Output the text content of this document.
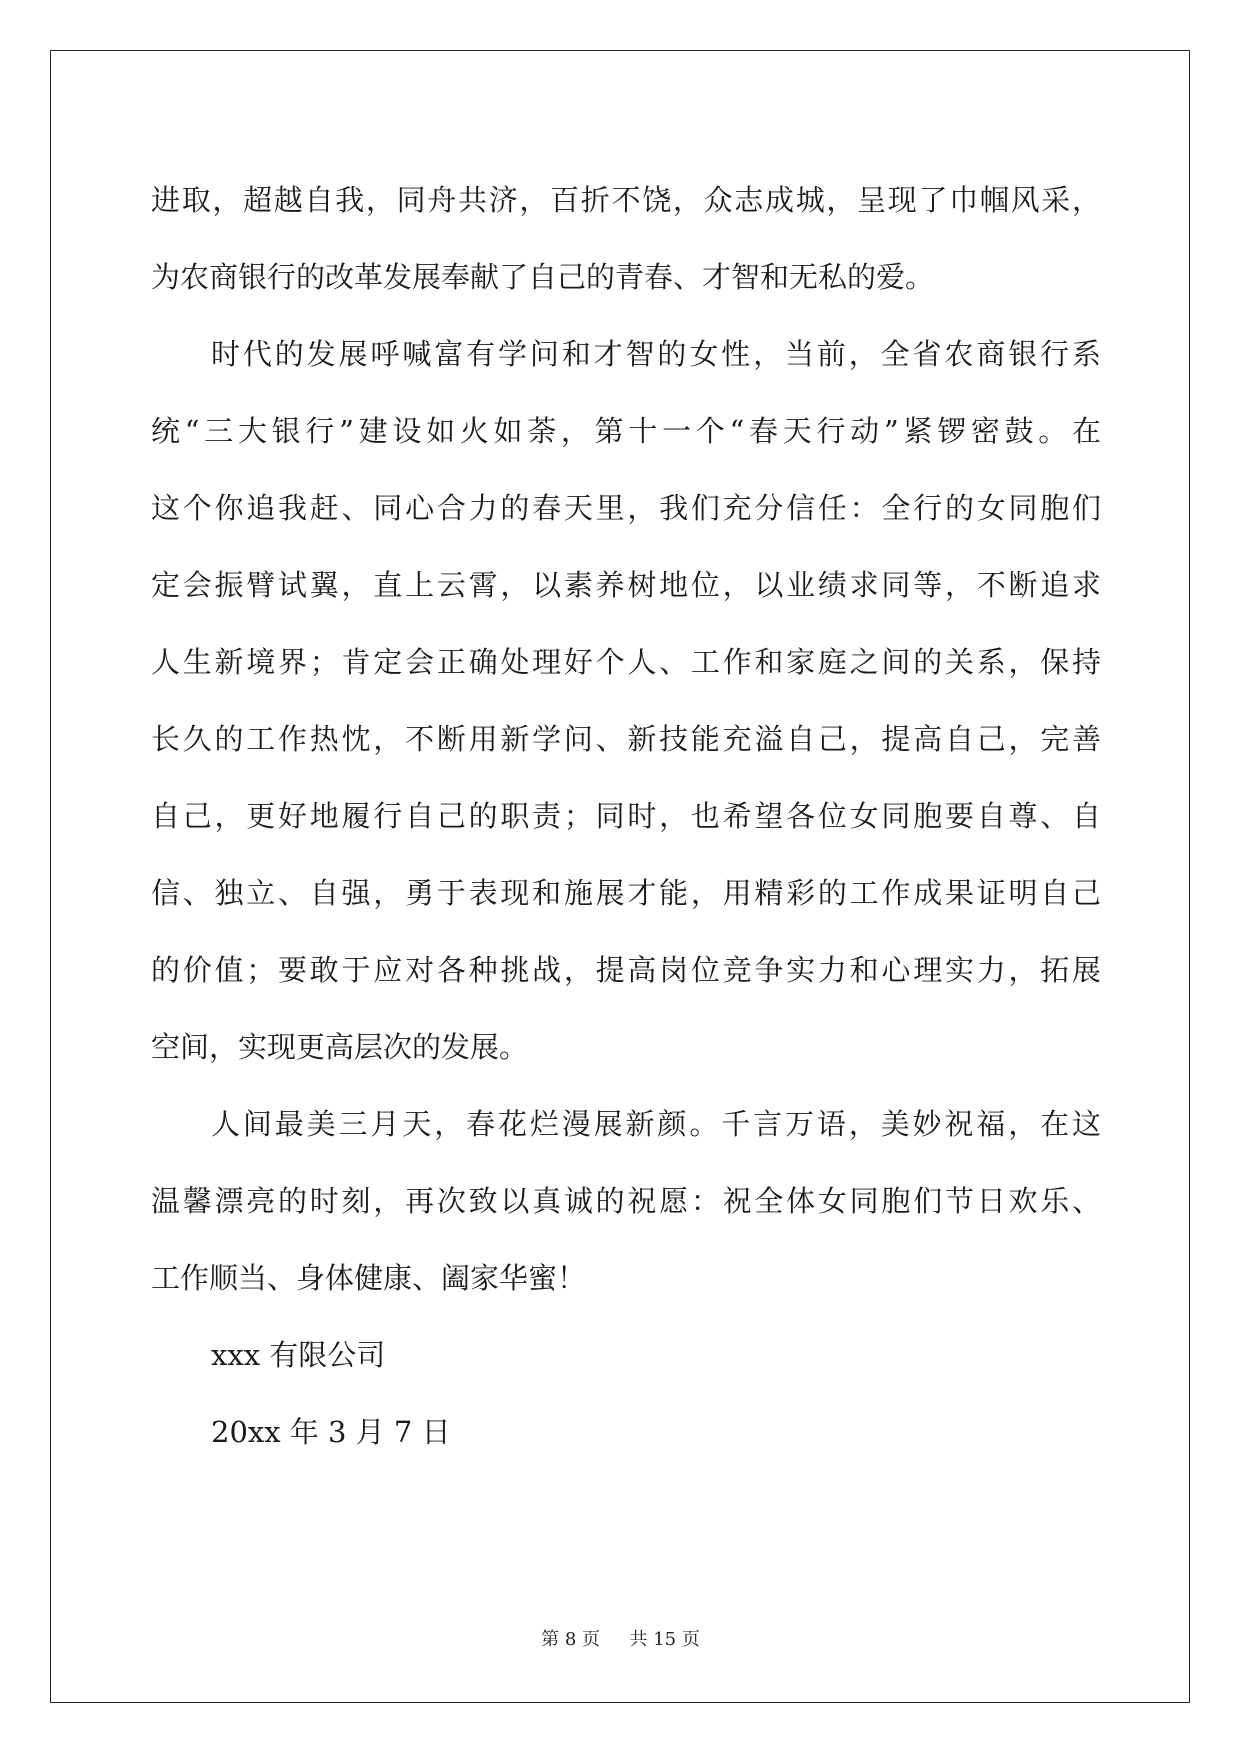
进取，超越自我，同舟共济，百折不饶，众志成城，呈现了巾帼风采，
为农商银行的改革发展奉献了自己的青春、才智和无私的爱。
时代的发展呼喊富有学问和才智的女性，当前，全省农商银行系
统“三大银行”建设如火如荼，第十一个“春天行动”紧锣密鼓。在
这个你追我赶、同心合力的春天里，我们充分信任：全行的女同胞们
定会振臂试翼，直上云霄，以素养树地位，以业绩求同等，不断追求
人生新境界；肯定会正确处理好个人、工作和家庭之间的关系，保持
长久的工作热忱，不断用新学问、新技能充溢自己，提高自己，完善
自己，更好地履行自己的职责；同时，也希望各位女同胞要自尊、自
信、独立、自强，勇于表现和施展才能，用精彩的工作成果证明自己
的价值；要敢于应对各种挑战，提高岗位竞争实力和心理实力，拓展
空间，实现更高层次的发展。
人间最美三月天，春花烂漫展新颜。千言万语，美妙祝福，在这
温馨漂亮的时刻，再次致以真诚的祝愿：祝全体女同胞们节日欢乐、
工作顺当、身体健康、阖家华蜜！
xxx 有限公司
20xx 年 3 月 7 日
第 8 页 共 15 页
